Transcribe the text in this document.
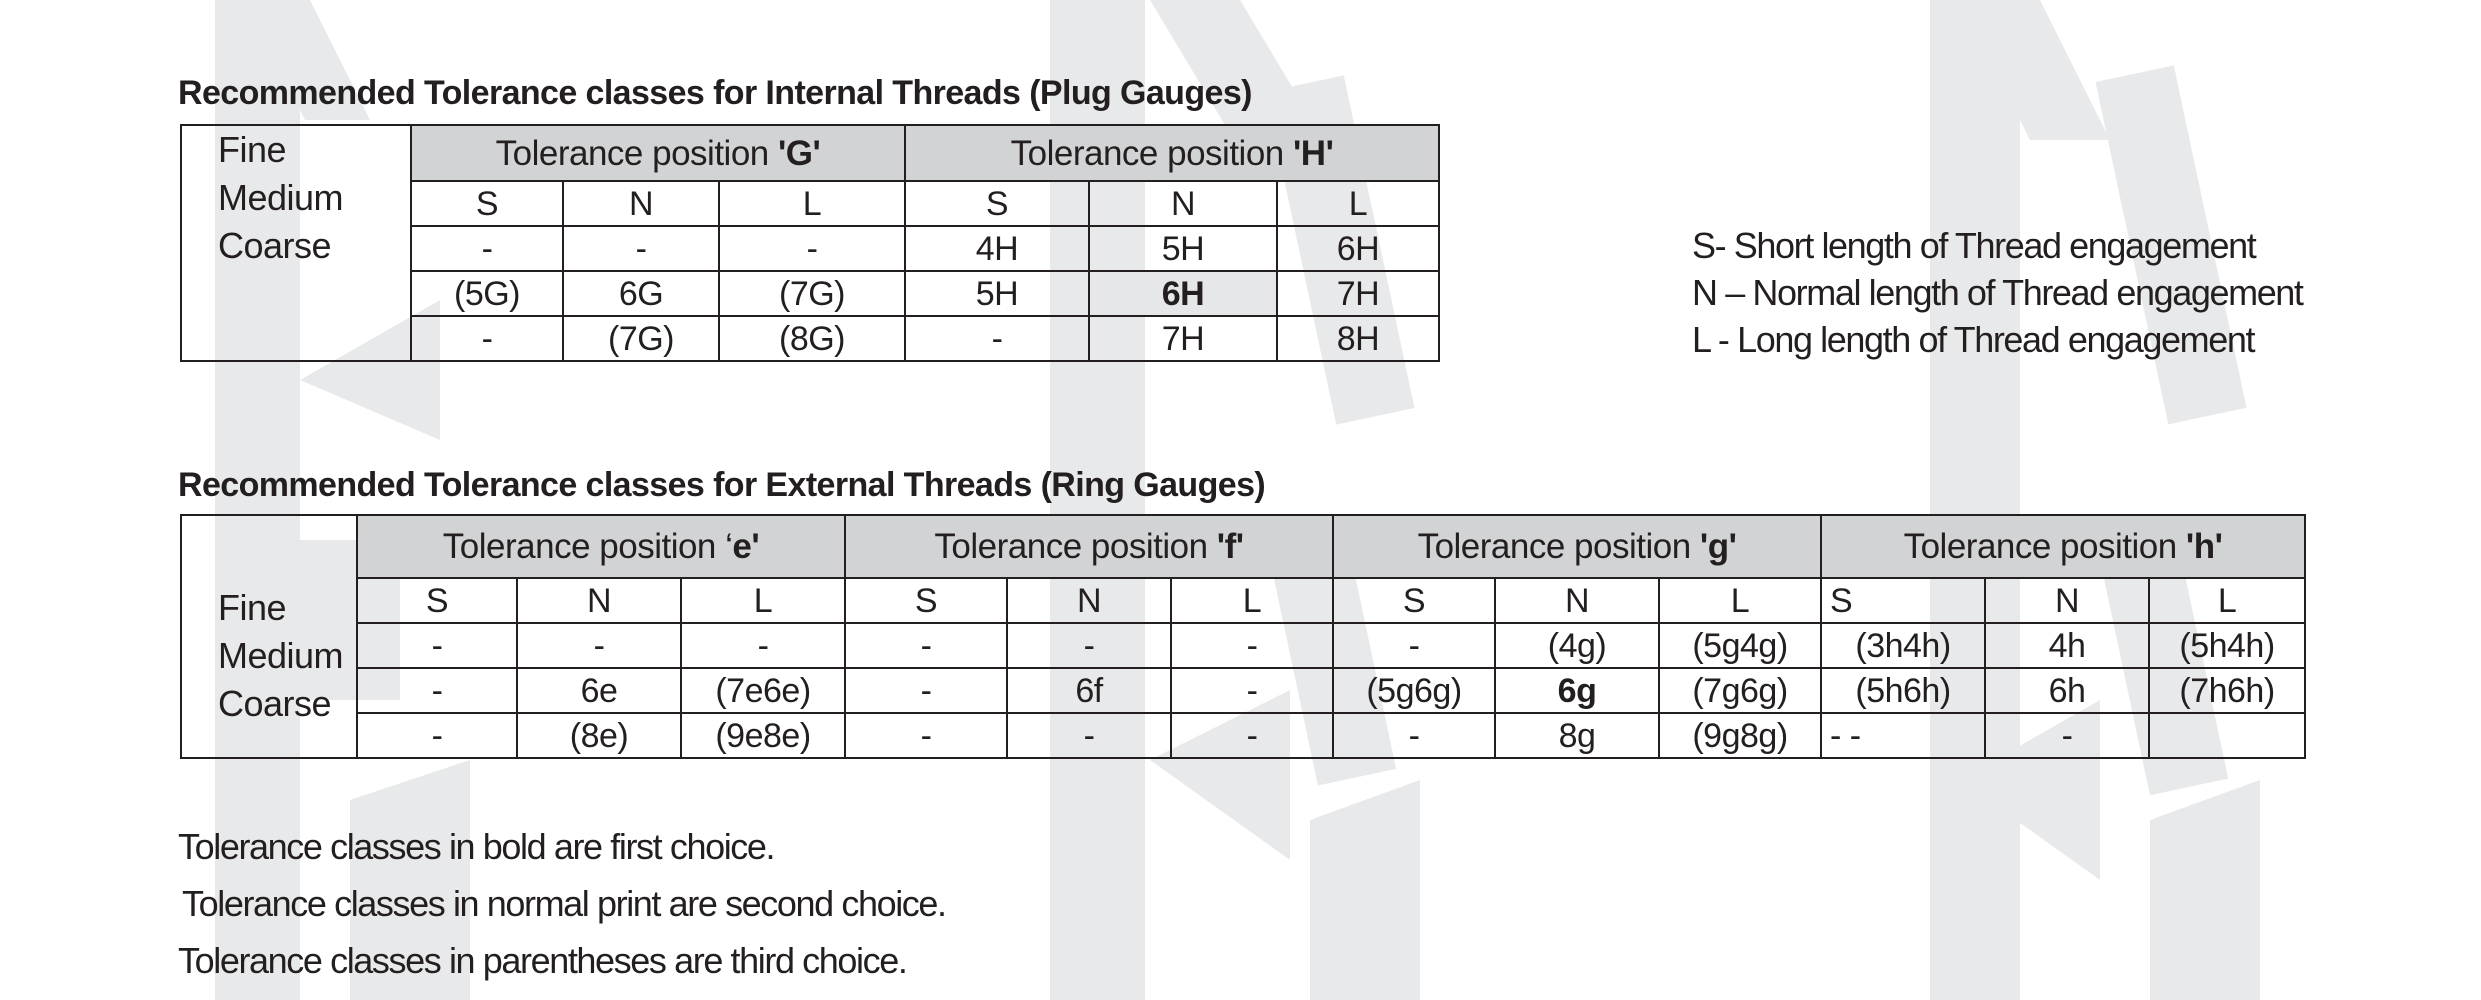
Recommended Tolerance classes for Internal Threads (Plug Gauges)
Fine
Medium
Coarse	Tolerance position 'G'			Tolerance position 'H'		
	S	N	L	S	N	L
	-	-	-	4H	5H	6H
	(5G)	6G	(7G)	5H	6H	7H
	-	(7G)	(8G)	-	7H	8H
S- Short length of Thread engagement
N – Normal length of Thread engagement
L - Long length of Thread engagement
Recommended Tolerance classes for External Threads (Ring Gauges)
Fine
Medium
Coarse	Tolerance position ‘e'			Tolerance position 'f'			Tolerance position 'g'			Tolerance position 'h'		
	S	N	L	S	N	L	S	N	L	S	N	L
	-	-	-	-	-	-	-	(4g)	(5g4g)	(3h4h)	4h	(5h4h)
	-	6e	(7e6e)	-	6f	-	(5g6g)	6g	(7g6g)	(5h6h)	6h	(7h6h)
	-	(8e)	(9e8e)	-	-	-	-	8g	(9g8g)	- -	-	
Tolerance classes in bold are first choice.
Tolerance classes in normal print are second choice.
Tolerance classes in parentheses are third choice.
